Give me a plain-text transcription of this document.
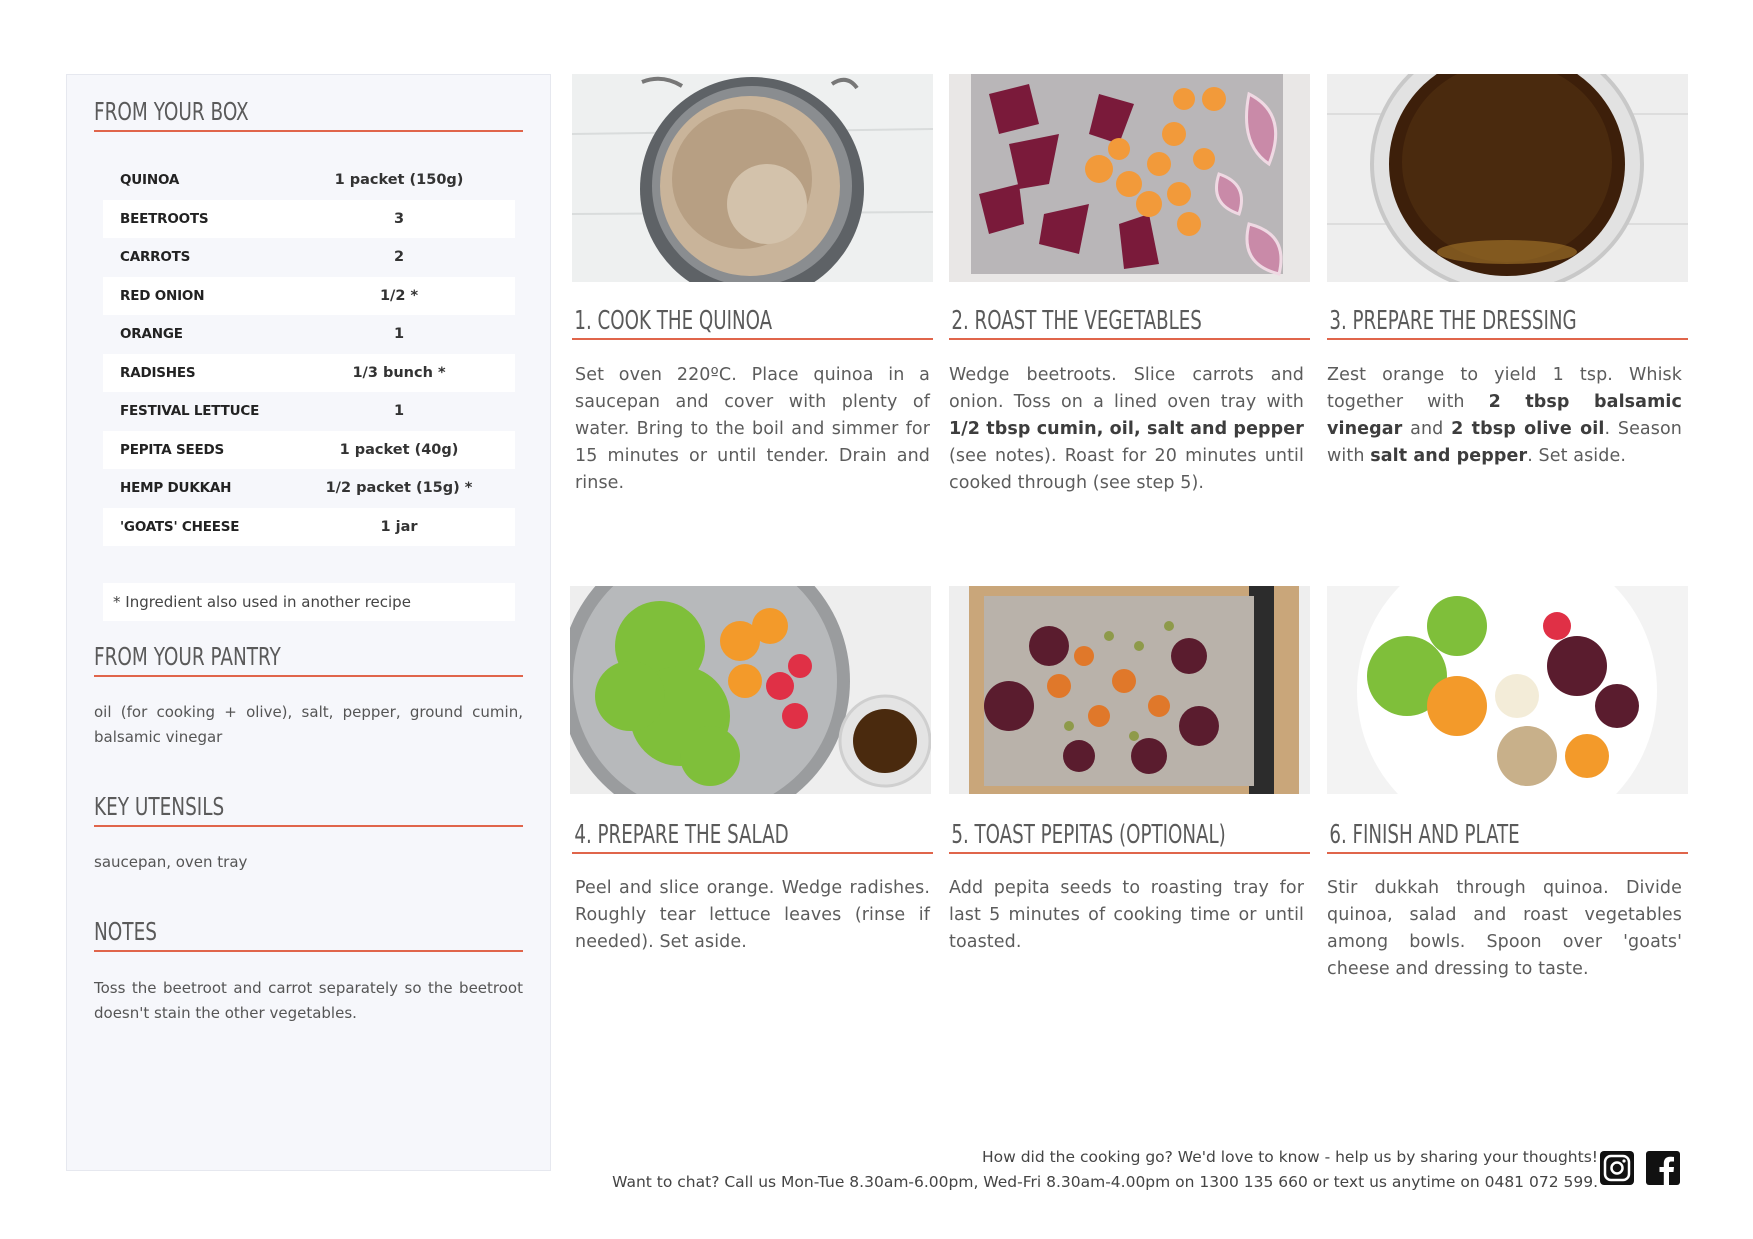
FROM YOUR BOX
QUINOA	1 packet (150g)
BEETROOTS	3
CARROTS	2
RED ONION	1/2 *
ORANGE	1
RADISHES	1/3 bunch *
FESTIVAL LETTUCE	1
PEPITA SEEDS	1 packet (40g)
HEMP DUKKAH	1/2 packet (15g) *
'GOATS' CHEESE	1 jar
* Ingredient also used in another recipe
FROM YOUR PANTRY
oil (for cooking + olive), salt, pepper, ground cumin, balsamic vinegar
KEY UTENSILS
saucepan, oven tray
NOTES
Toss the beetroot and carrot separately so the beetroot doesn't stain the other vegetables.
1. COOK THE QUINOA
Set oven 220ºC. Place quinoa in a saucepan and cover with plenty of water. Bring to the boil and simmer for 15 minutes or until tender. Drain and rinse.
2. ROAST THE VEGETABLES
Wedge beetroots. Slice carrots and onion. Toss on a lined oven tray with 1/2 tbsp cumin, oil, salt and pepper (see notes). Roast for 20 minutes until cooked through (see step 5).
3. PREPARE THE DRESSING
Zest orange to yield 1 tsp. Whisk together with 2 tbsp balsamic vinegar and 2 tbsp olive oil. Season with salt and pepper. Set aside.
4. PREPARE THE SALAD
Peel and slice orange. Wedge radishes. Roughly tear lettuce leaves (rinse if needed). Set aside.
5. TOAST PEPITAS (OPTIONAL)
Add pepita seeds to roasting tray for last 5 minutes of cooking time or until toasted.
6. FINISH AND PLATE
Stir dukkah through quinoa. Divide quinoa, salad and roast vegetables among bowls. Spoon over 'goats' cheese and dressing to taste.
How did the cooking go? We'd love to know - help us by sharing your thoughts!
Want to chat? Call us Mon-Tue 8.30am-6.00pm, Wed-Fri 8.30am-4.00pm on 1300 135 660 or text us anytime on 0481 072 599.
